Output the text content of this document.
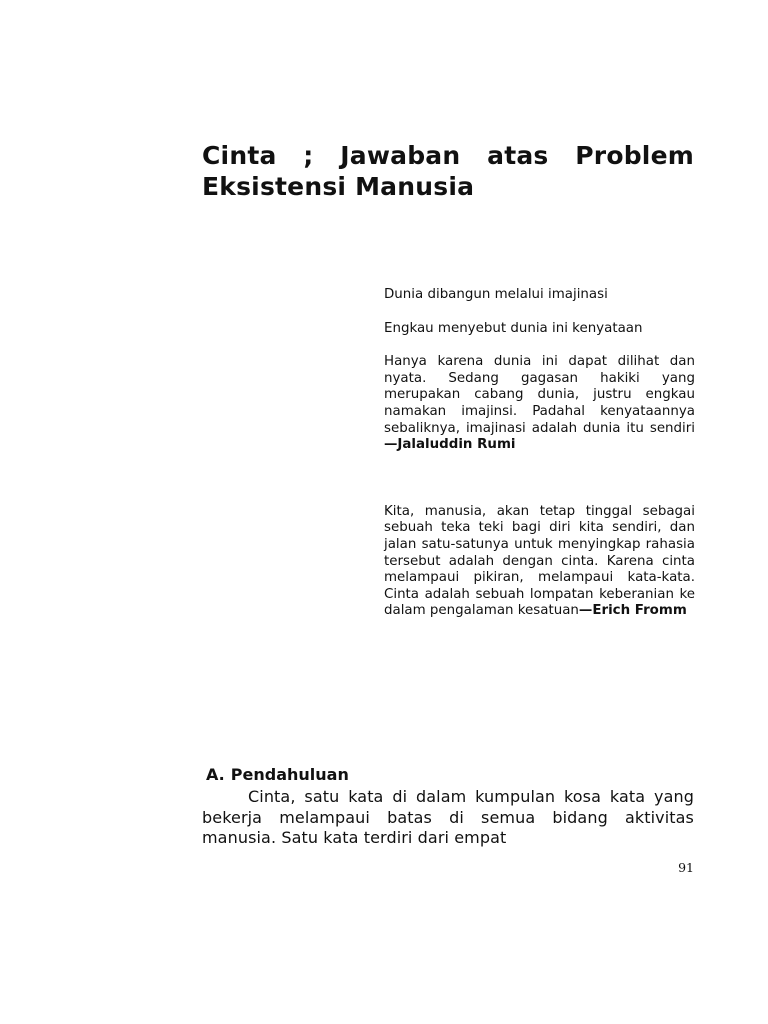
Cinta ; Jawaban atas Problem
Eksistensi Manusia

Dunia dibangun melalui imajinasi

Engkau menyebut dunia ini kenyataan

Hanya karena dunia ini dapat dilihat dan nyata. Sedang gagasan hakiki yang merupakan cabang dunia, justru engkau namakan imajinsi. Padahal kenyataannya sebaliknya, imajinasi adalah dunia itu sendiri—Jalaluddin Rumi

Kita, manusia, akan tetap tinggal sebagai sebuah teka teki bagi diri kita sendiri, dan jalan satu-satunya untuk menyingkap rahasia tersebut adalah dengan cinta. Karena cinta melampaui pikiran, melampaui kata-kata. Cinta adalah sebuah lompatan keberanian ke dalam pengalaman kesatuan—Erich Fromm

A. Pendahuluan

Cinta, satu kata di dalam kumpulan kosa kata yang bekerja melampaui batas di semua bidang aktivitas manusia. Satu kata terdiri dari empat

91
